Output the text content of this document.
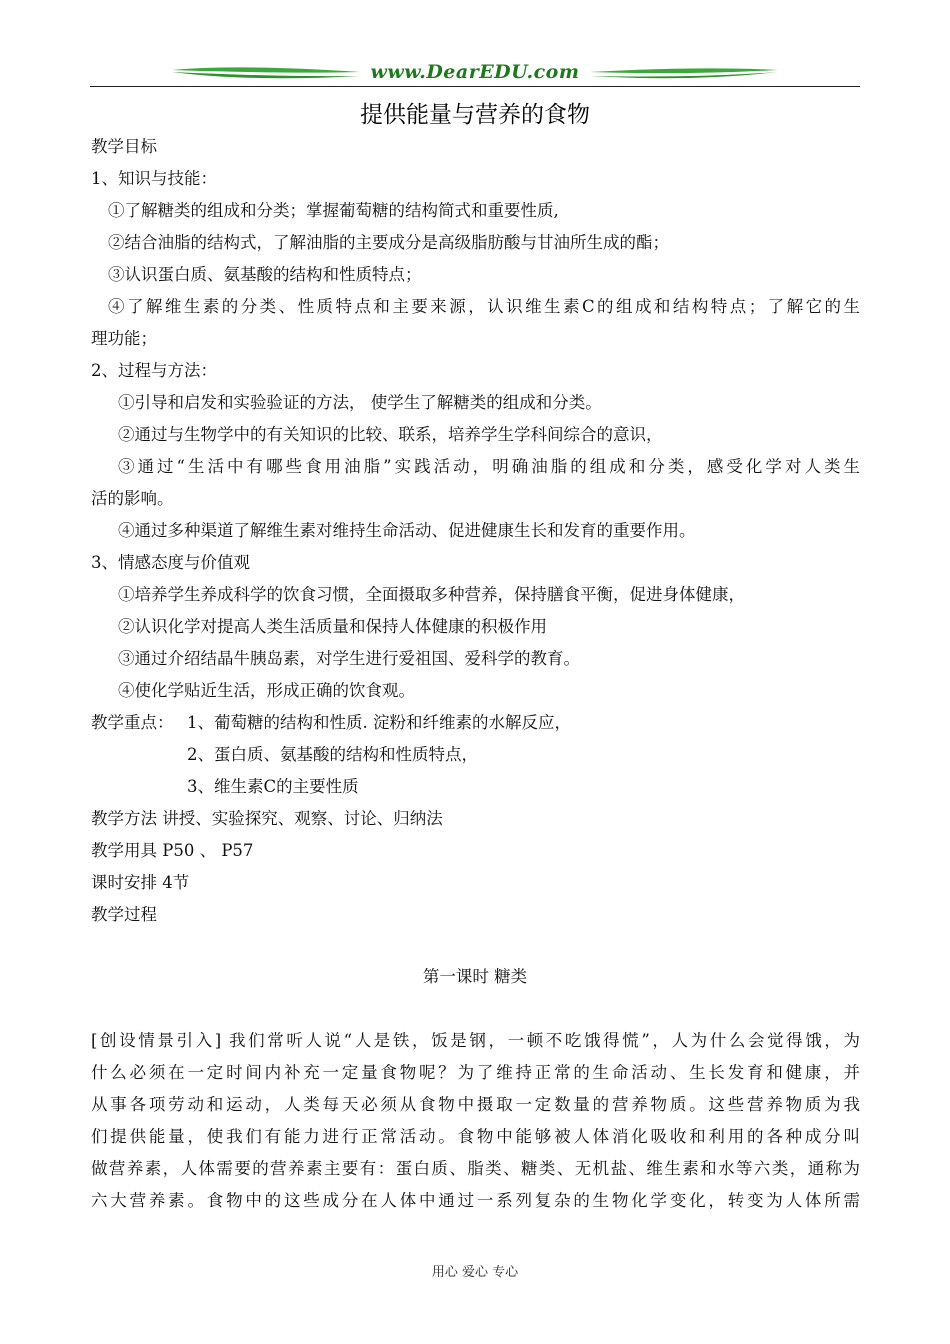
www.DearEDU.com
提供能量与营养的食物
教学目标
1、知识与技能：
①了解糖类的组成和分类；掌握葡萄糖的结构简式和重要性质,
②结合油脂的结构式，了解油脂的主要成分是高级脂肪酸与甘油所生成的酯；
③认识蛋白质、氨基酸的结构和性质特点；
④了解维生素的分类、性质特点和主要来源，认识维生素C的组成和结构特点；了解它的生
理功能；
2、过程与方法：
①引导和启发和实验验证的方法， 使学生了解糖类的组成和分类。
②通过与生物学中的有关知识的比较、联系，培养学生学科间综合的意识，
③通过“生活中有哪些食用油脂”实践活动，明确油脂的组成和分类，感受化学对人类生
活的影响。
④通过多种渠道了解维生素对维持生命活动、促进健康生长和发育的重要作用。
3、情感态度与价值观
①培养学生养成科学的饮食习惯，全面摄取多种营养，保持膳食平衡，促进身体健康，
②认识化学对提高人类生活质量和保持人体健康的积极作用
③通过介绍结晶牛胰岛素，对学生进行爱祖国、爱科学的教育。
④使化学贴近生活，形成正确的饮食观。
教学重点： 1、葡萄糖的结构和性质. 淀粉和纤维素的水解反应，
2、蛋白质、氨基酸的结构和性质特点，
3、维生素C的主要性质
教学方法 讲授、实验探究、观察、讨论、归纳法
教学用具 P50 、 P57
课时安排 4节
教学过程
第一课时 糖类
[创设情景引入] 我们常听人说“人是铁，饭是钢，一顿不吃饿得慌”，人为什么会觉得饿，为
什么必须在一定时间内补充一定量食物呢？为了维持正常的生命活动、生长发育和健康，并
从事各项劳动和运动，人类每天必须从食物中摄取一定数量的营养物质。这些营养物质为我
们提供能量，使我们有能力进行正常活动。食物中能够被人体消化吸收和利用的各种成分叫
做营养素，人体需要的营养素主要有：蛋白质、脂类、糖类、无机盐、维生素和水等六类，通称为
六大营养素。食物中的这些成分在人体中通过一系列复杂的生物化学变化，转变为人体所需
用心 爱心 专心
